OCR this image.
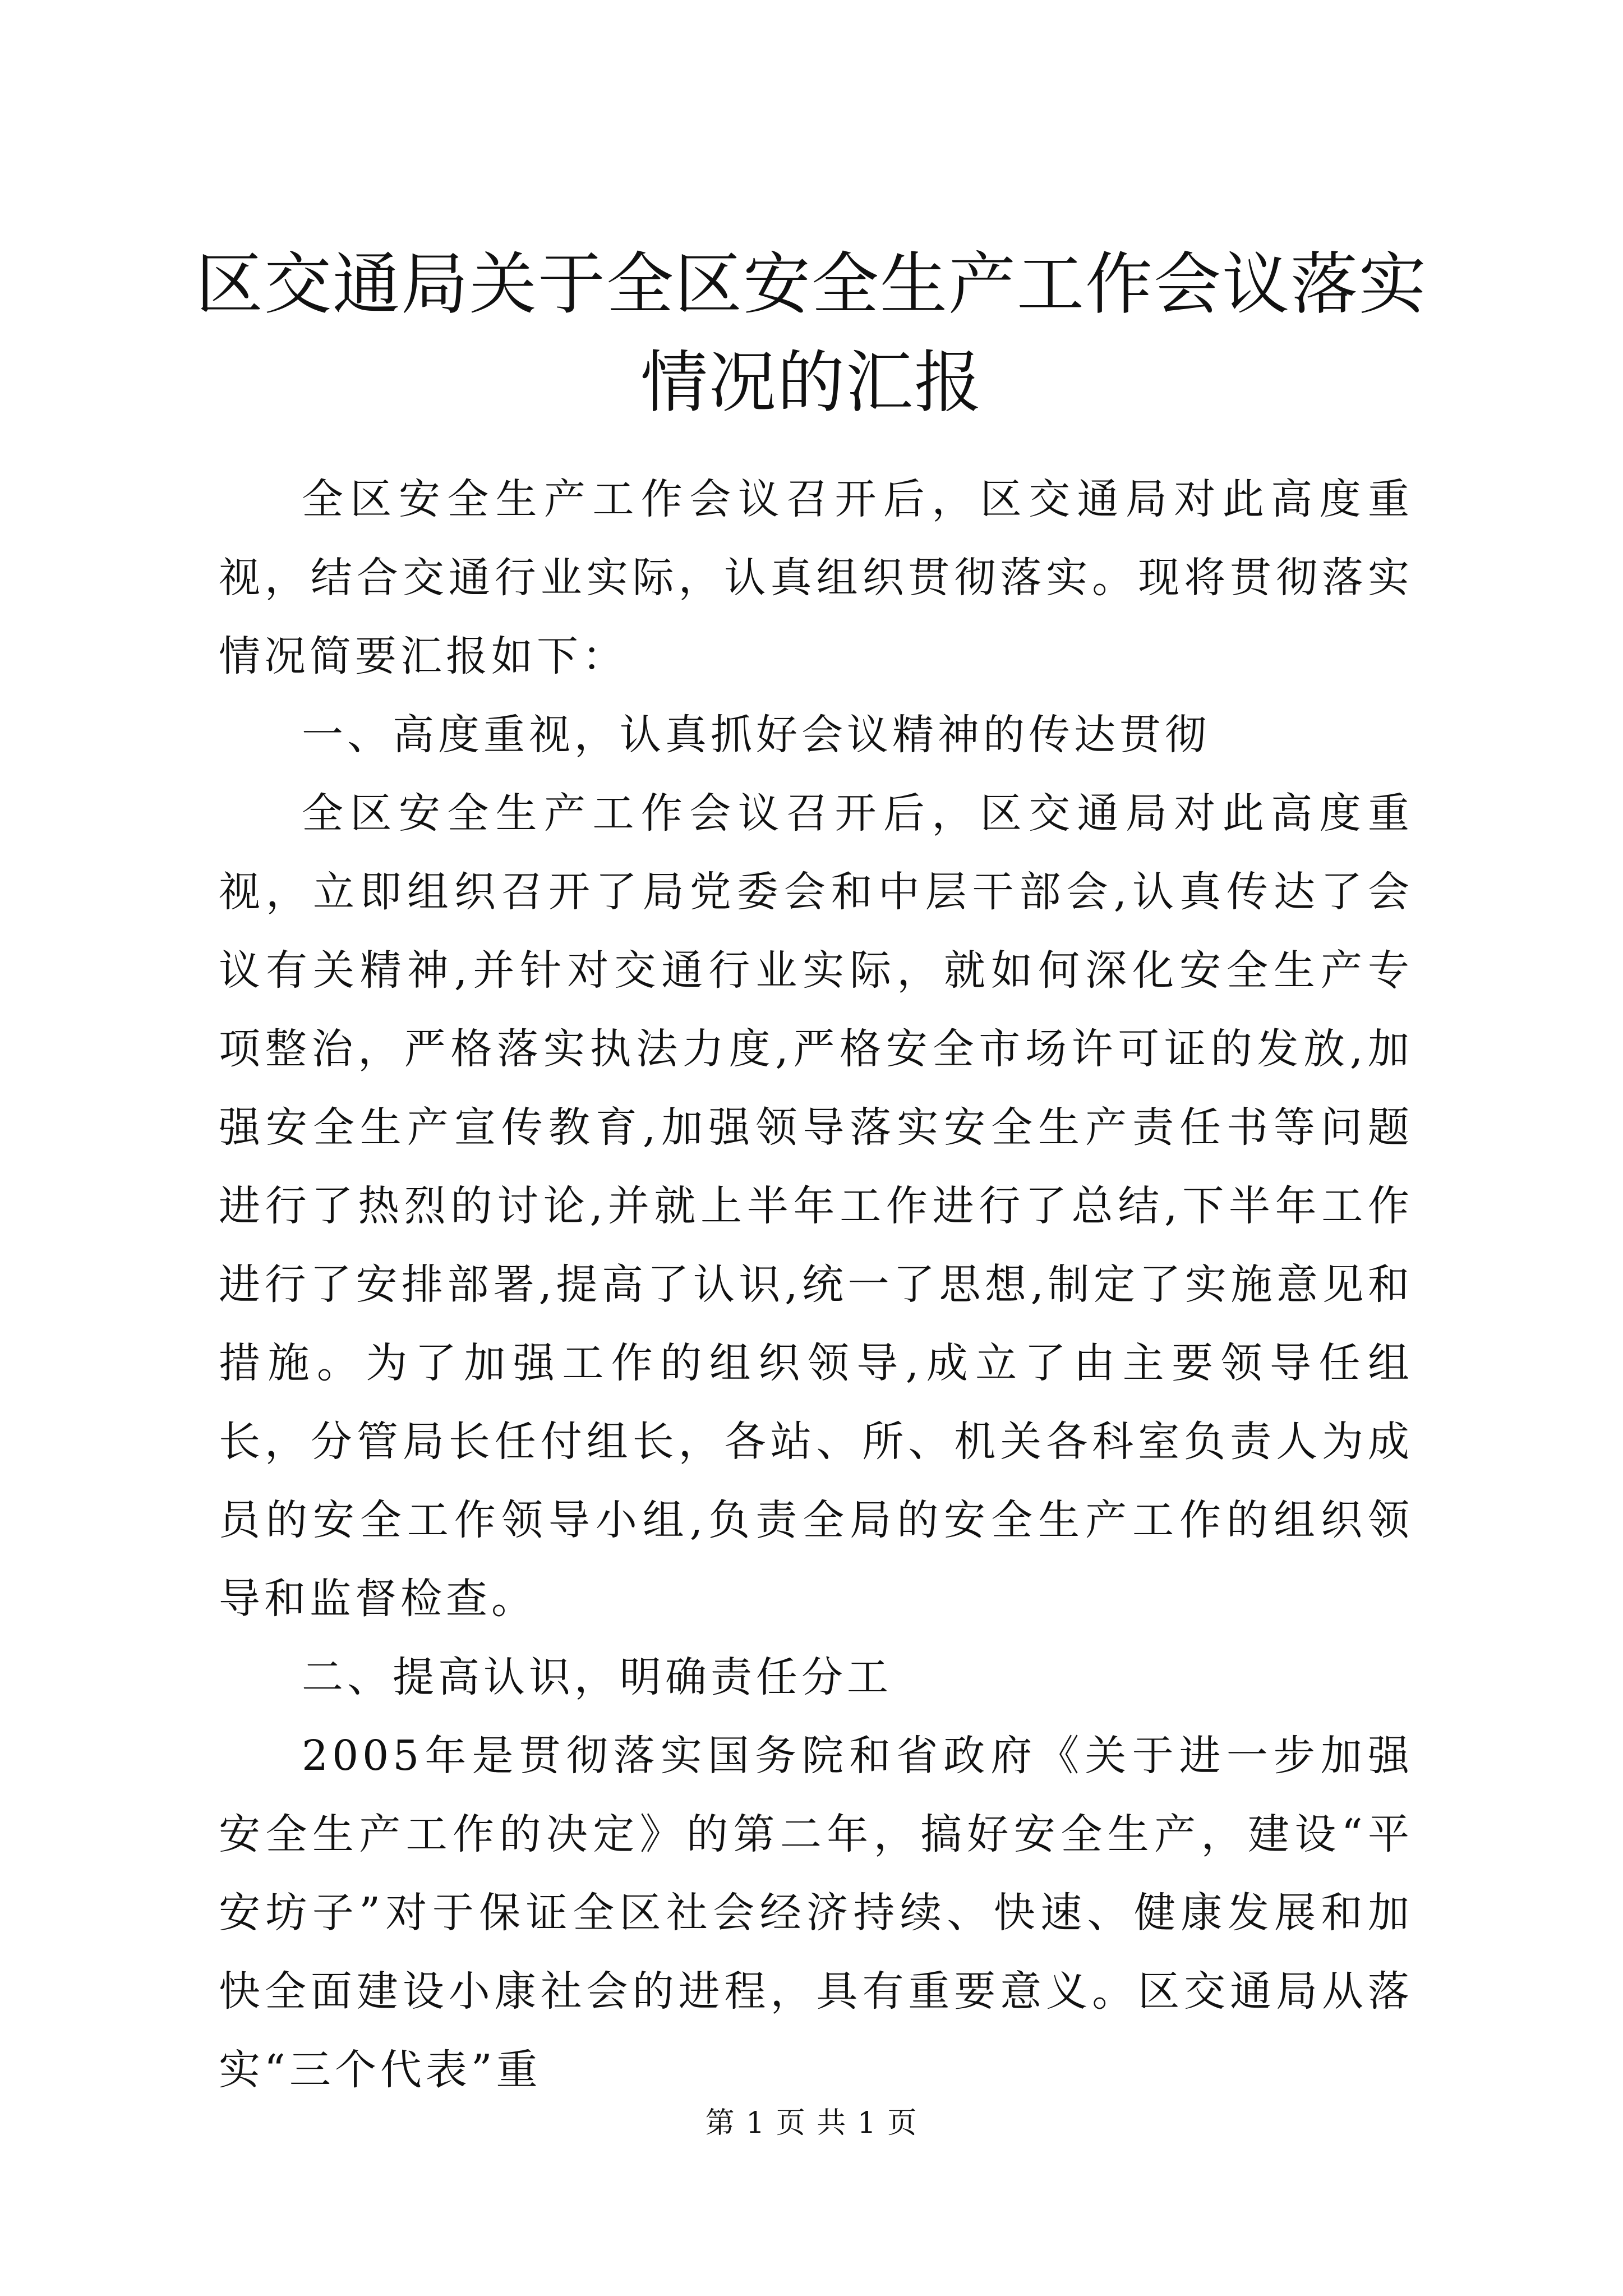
区交通局关于全区安全生产工作会议落实情况的汇报

全区安全生产工作会议召开后，区交通局对此高度重视，结合交通行业实际，认真组织贯彻落实。现将贯彻落实情况简要汇报如下：

一、高度重视，认真抓好会议精神的传达贯彻

全区安全生产工作会议召开后，区交通局对此高度重视，立即组织召开了局党委会和中层干部会,认真传达了会议有关精神,并针对交通行业实际，就如何深化安全生产专项整治，严格落实执法力度,严格安全市场许可证的发放,加强安全生产宣传教育,加强领导落实安全生产责任书等问题进行了热烈的讨论,并就上半年工作进行了总结,下半年工作进行了安排部署,提高了认识,统一了思想,制定了实施意见和措施。为了加强工作的组织领导,成立了由主要领导任组长，分管局长任付组长，各站、所、机关各科室负责人为成员的安全工作领导小组,负责全局的安全生产工作的组织领导和监督检查。

二、提高认识，明确责任分工

2005年是贯彻落实国务院和省政府《关于进一步加强安全生产工作的决定》的第二年，搞好安全生产，建设“平安坊子”对于保证全区社会经济持续、快速、健康发展和加快全面建设小康社会的进程，具有重要意义。区交通局从落实“三个代表”重

第 1 页 共 1 页
